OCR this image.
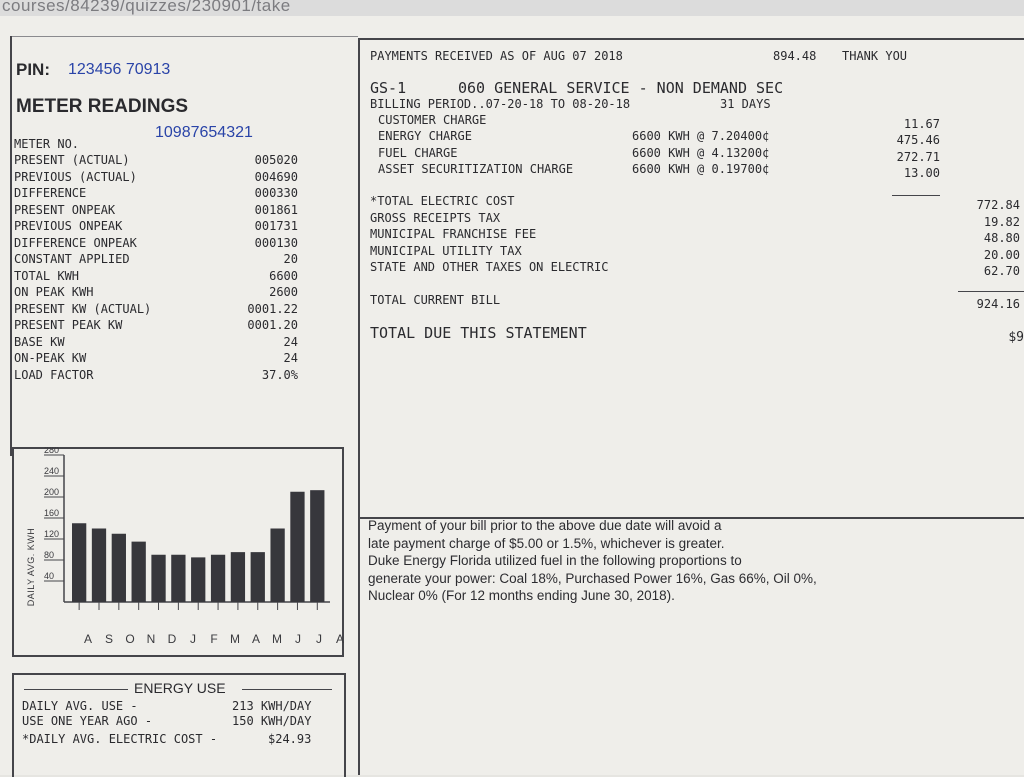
courses/84239/quizzes/230901/take
PIN: 123456 70913
METER READINGS
METER NO.
10987654321
PRESENT (ACTUAL)	005020
PREVIOUS (ACTUAL)	004690
DIFFERENCE	000330
PRESENT ONPEAK	001861
PREVIOUS ONPEAK	001731
DIFFERENCE ONPEAK	000130
CONSTANT APPLIED	20
TOTAL KWH	6600
ON PEAK KWH	2600
PRESENT KW (ACTUAL)	0001.22
PRESENT PEAK KW	0001.20
BASE KW	24
ON-PEAK KW	24
LOAD FACTOR	37.0%
PAYMENTS RECEIVED AS OF AUG 07 2018	894.48 THANK YOU
GS-1	060 GENERAL SERVICE - NON DEMAND SEC
BILLING PERIOD..07-20-18 TO 08-20-18	31 DAYS
CUSTOMER CHARGE	11.67
ENERGY CHARGE	6600 KWH @ 7.20400¢	475.46
FUEL CHARGE	6600 KWH @ 4.13200¢	272.71
ASSET SECURITIZATION CHARGE	6600 KWH @ 0.19700¢	13.00
*TOTAL ELECTRIC COST	772.84
GROSS RECEIPTS TAX	19.82
MUNICIPAL FRANCHISE FEE	48.80
MUNICIPAL UTILITY TAX	20.00
STATE AND OTHER TAXES ON ELECTRIC	62.70
TOTAL CURRENT BILL	924.16
TOTAL DUE THIS STATEMENT	$9
Payment of your bill prior to the above due date will avoid a
late payment charge of $5.00 or 1.5%, whichever is greater.
Duke Energy Florida utilized fuel in the following proportions to
generate your power: Coal 18%, Purchased Power 16%, Gas 66%, Oil 0%,
Nuclear 0% (For 12 months ending June 30, 2018).
DAILY AVG. KWH 40
80
120
160
200
240
280
A S O N D J F M A M J J A
ENERGY USE
DAILY AVG. USE -	213 KWH/DAY
USE ONE YEAR AGO -	150 KWH/DAY
*DAILY AVG. ELECTRIC COST -	$24.93
